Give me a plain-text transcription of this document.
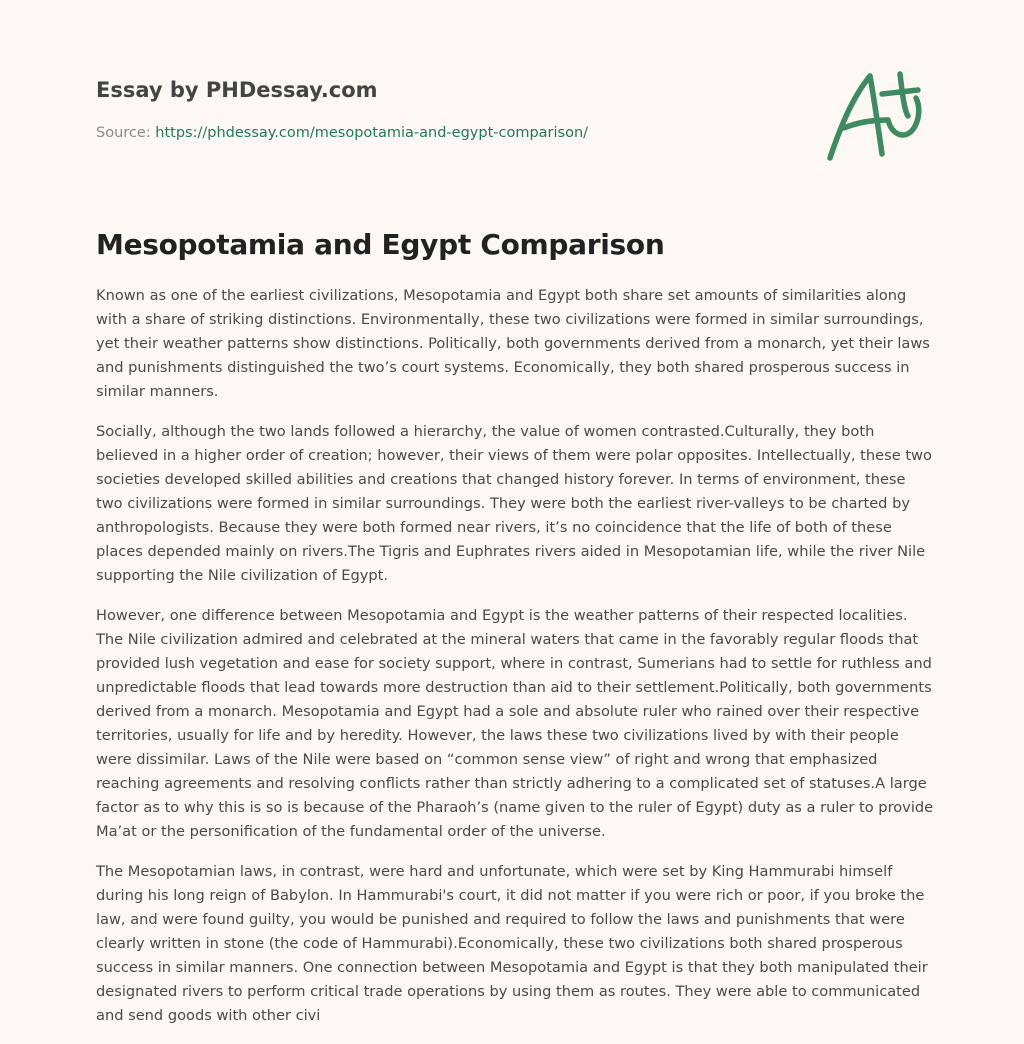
Essay by PHDessay.com
Source: https://phdessay.com/mesopotamia-and-egypt-comparison/
Mesopotamia and Egypt Comparison

Known as one of the earliest civilizations, Mesopotamia and Egypt both share set amounts of similarities along with a share of striking distinctions. Environmentally, these two civilizations were formed in similar surroundings, yet their weather patterns show distinctions. Politically, both governments derived from a monarch, yet their laws and punishments distinguished the two’s court systems. Economically, they both shared prosperous success in similar manners.

Socially, although the two lands followed a hierarchy, the value of women contrasted.Culturally, they both believed in a higher order of creation; however, their views of them were polar opposites. Intellectually, these two societies developed skilled abilities and creations that changed history forever. In terms of environment, these two civilizations were formed in similar surroundings. They were both the earliest river-valleys to be charted by anthropologists. Because they were both formed near rivers, it’s no coincidence that the life of both of these places depended mainly on rivers.The Tigris and Euphrates rivers aided in Mesopotamian life, while the river Nile supporting the Nile civilization of Egypt.

However, one difference between Mesopotamia and Egypt is the weather patterns of their respected localities. The Nile civilization admired and celebrated at the mineral waters that came in the favorably regular floods that provided lush vegetation and ease for society support, where in contrast, Sumerians had to settle for ruthless and unpredictable floods that lead towards more destruction than aid to their settlement.Politically, both governments derived from a monarch. Mesopotamia and Egypt had a sole and absolute ruler who rained over their respective territories, usually for life and by heredity. However, the laws these two civilizations lived by with their people were dissimilar. Laws of the Nile were based on “common sense view” of right and wrong that emphasized reaching agreements and resolving conflicts rather than strictly adhering to a complicated set of statuses.A large factor as to why this is so is because of the Pharaoh’s (name given to the ruler of Egypt) duty as a ruler to provide Ma’at or the personification of the fundamental order of the universe.

The Mesopotamian laws, in contrast, were hard and unfortunate, which were set by King Hammurabi himself during his long reign of Babylon. In Hammurabi's court, it did not matter if you were rich or poor, if you broke the law, and were found guilty, you would be punished and required to follow the laws and punishments that were clearly written in stone (the code of Hammurabi).Economically, these two civilizations both shared prosperous success in similar manners. One connection between Mesopotamia and Egypt is that they both manipulated their designated rivers to perform critical trade operations by using them as routes. They were able to communicated and send goods with other civi
